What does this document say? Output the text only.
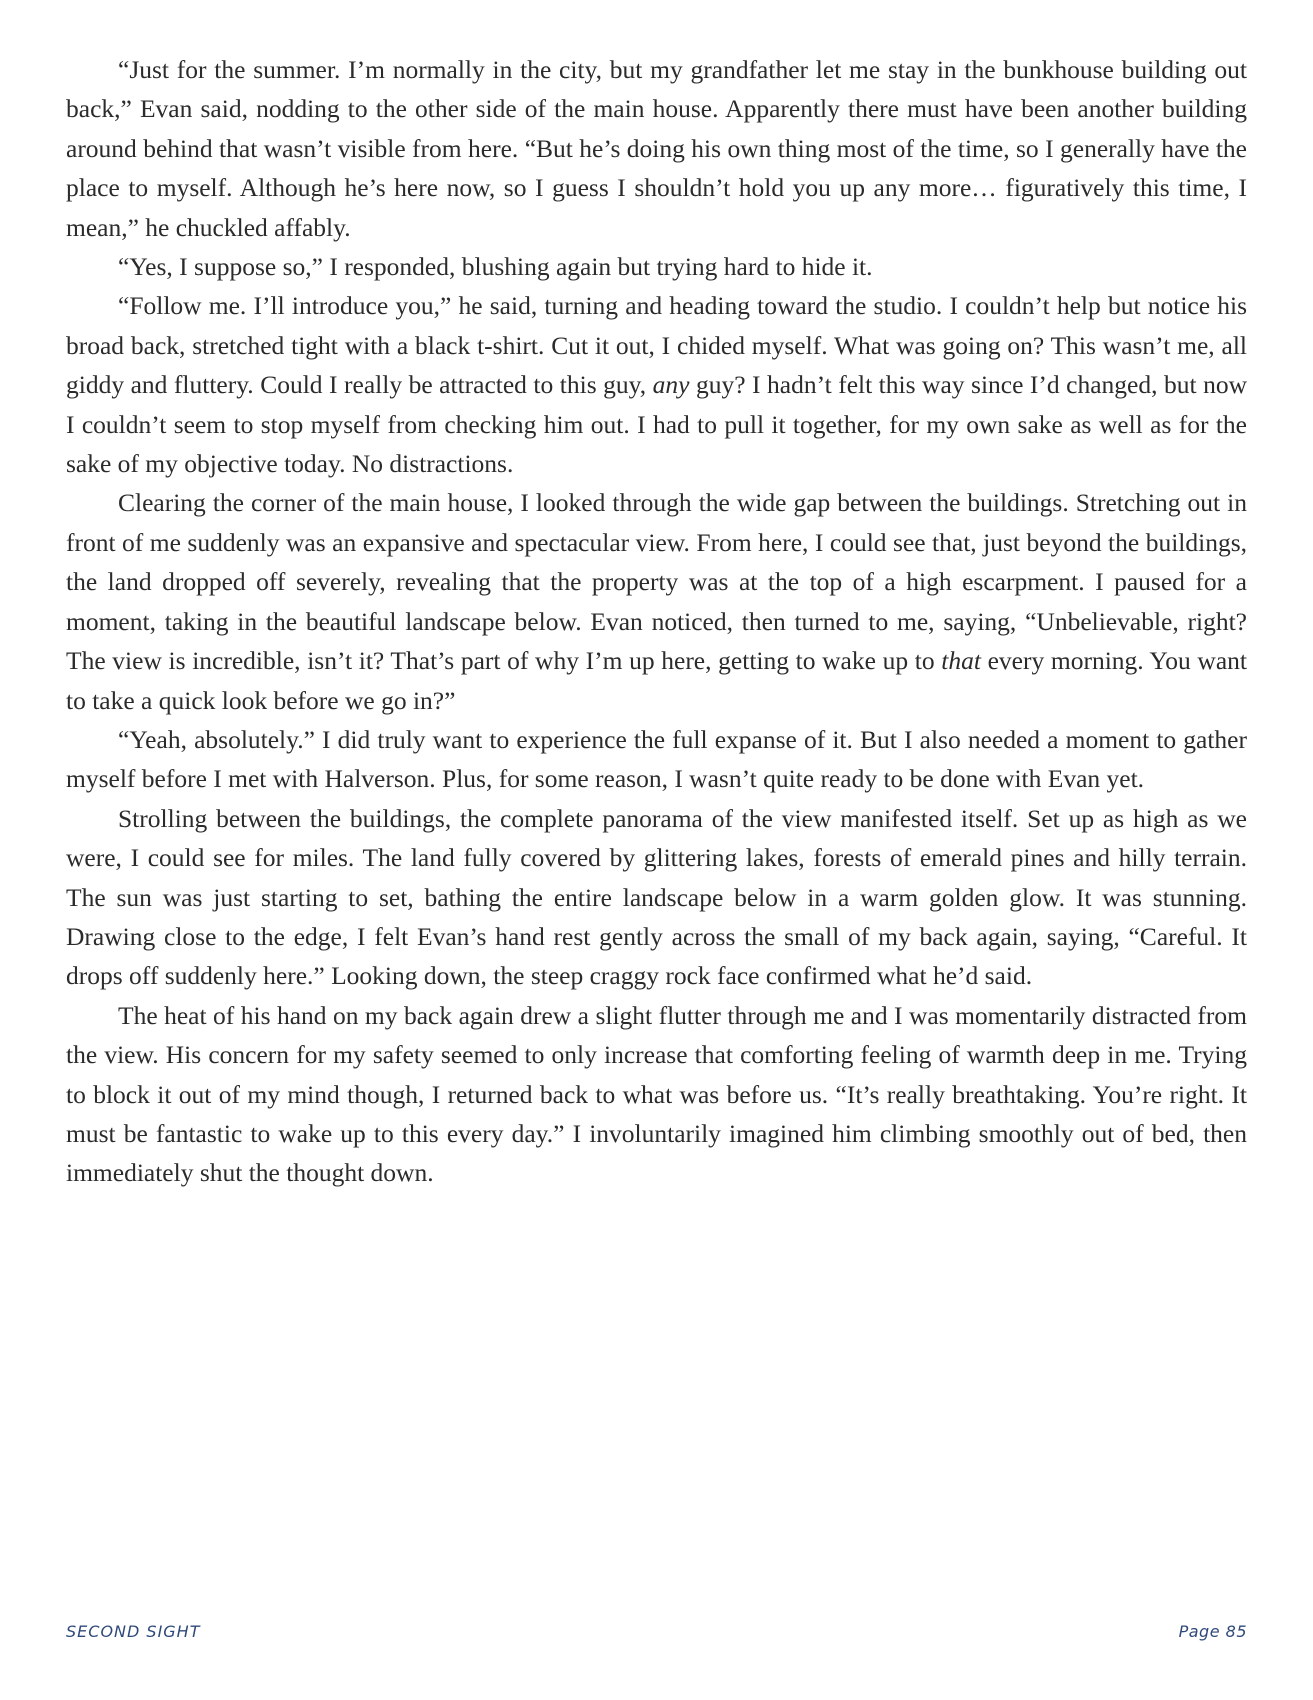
“Just for the summer. I’m normally in the city, but my grandfather let me stay in the bunkhouse building out back,” Evan said, nodding to the other side of the main house. Apparently there must have been another building around behind that wasn’t visible from here. “But he’s doing his own thing most of the time, so I generally have the place to myself. Although he’s here now, so I guess I shouldn’t hold you up any more… figuratively this time, I mean,” he chuckled affably.

“Yes, I suppose so,” I responded, blushing again but trying hard to hide it.

“Follow me. I’ll introduce you,” he said, turning and heading toward the studio. I couldn’t help but notice his broad back, stretched tight with a black t-shirt. Cut it out, I chided myself. What was going on? This wasn’t me, all giddy and fluttery. Could I really be attracted to this guy, any guy? I hadn’t felt this way since I’d changed, but now I couldn’t seem to stop myself from checking him out. I had to pull it together, for my own sake as well as for the sake of my objective today. No distractions.

Clearing the corner of the main house, I looked through the wide gap between the buildings. Stretching out in front of me suddenly was an expansive and spectacular view. From here, I could see that, just beyond the buildings, the land dropped off severely, revealing that the property was at the top of a high escarpment. I paused for a moment, taking in the beautiful landscape below. Evan noticed, then turned to me, saying, “Unbelievable, right? The view is incredible, isn’t it? That’s part of why I’m up here, getting to wake up to that every morning. You want to take a quick look before we go in?”

“Yeah, absolutely.” I did truly want to experience the full expanse of it. But I also needed a moment to gather myself before I met with Halverson. Plus, for some reason, I wasn’t quite ready to be done with Evan yet.

Strolling between the buildings, the complete panorama of the view manifested itself. Set up as high as we were, I could see for miles. The land fully covered by glittering lakes, forests of emerald pines and hilly terrain. The sun was just starting to set, bathing the entire landscape below in a warm golden glow. It was stunning. Drawing close to the edge, I felt Evan’s hand rest gently across the small of my back again, saying, “Careful. It drops off suddenly here.” Looking down, the steep craggy rock face confirmed what he’d said.

The heat of his hand on my back again drew a slight flutter through me and I was momentarily distracted from the view. His concern for my safety seemed to only increase that comforting feeling of warmth deep in me. Trying to block it out of my mind though, I returned back to what was before us. “It’s really breathtaking. You’re right. It must be fantastic to wake up to this every day.” I involuntarily imagined him climbing smoothly out of bed, then immediately shut the thought down.

SECOND SIGHT	Page 85
